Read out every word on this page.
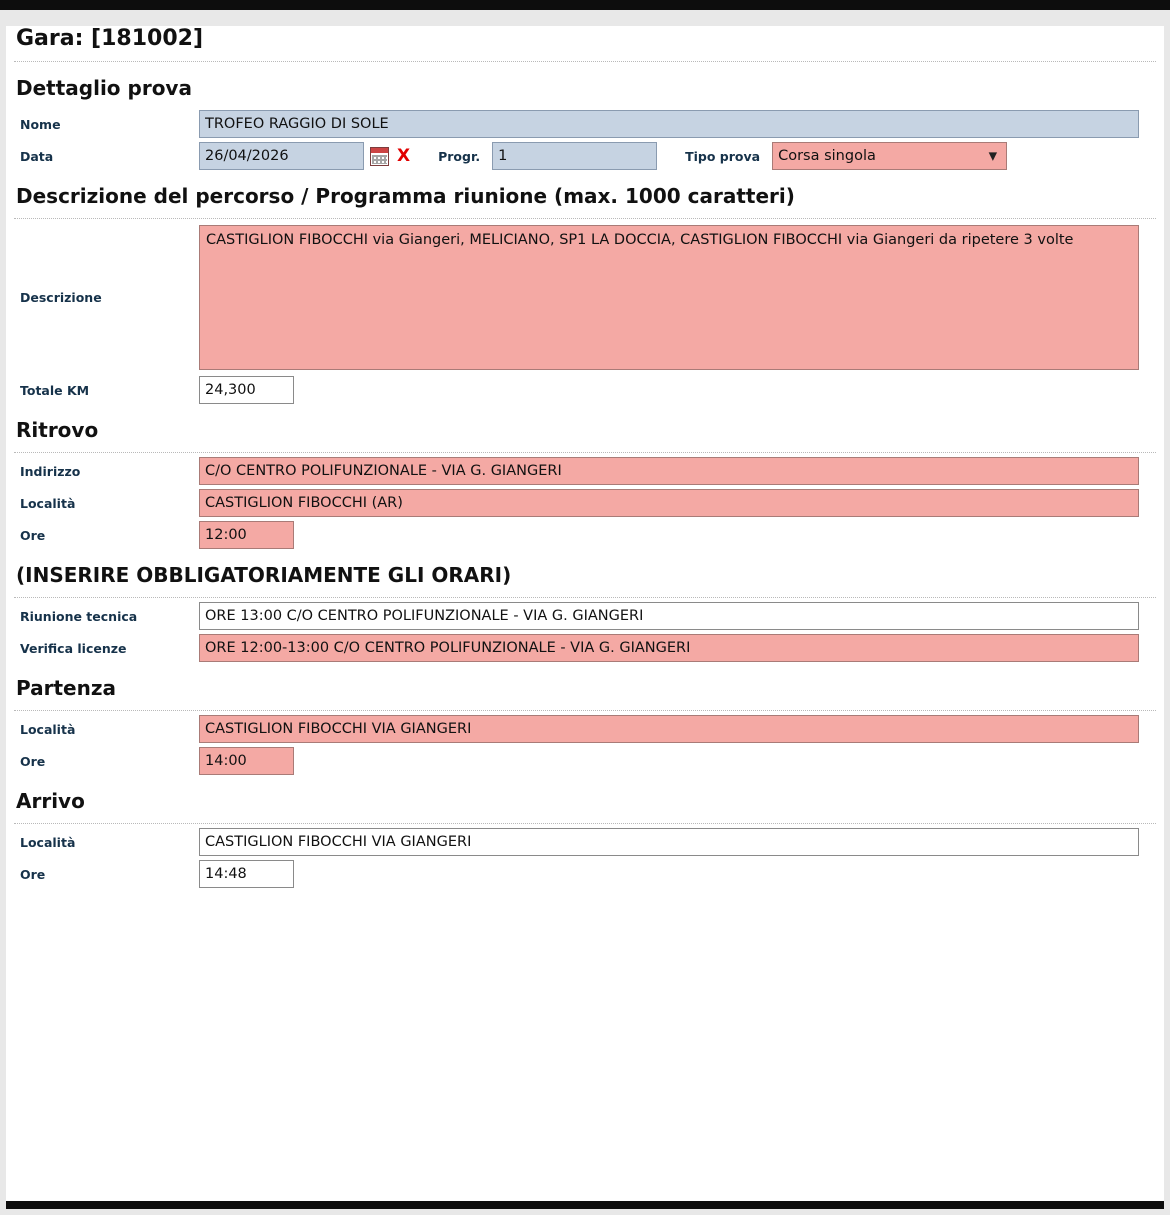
Gara: [181002]
Dettaglio prova
Nome
TROFEO RAGGIO DI SOLE
Data
26/04/2026	X Progr.
1	Tipo prova
Corsa singola	▼
Descrizione del percorso / Programma riunione (max. 1000 caratteri)
Descrizione
CASTIGLION FIBOCCHI via Giangeri, MELICIANO, SP1 LA DOCCIA, CASTIGLION FIBOCCHI via Giangeri da ripetere 3 volte
Totale KM
24,300
Ritrovo
Indirizzo
C/O CENTRO POLIFUNZIONALE - VIA G. GIANGERI
Località
CASTIGLION FIBOCCHI (AR)
Ore
12:00
(INSERIRE OBBLIGATORIAMENTE GLI ORARI)
Riunione tecnica
ORE 13:00 C/O CENTRO POLIFUNZIONALE - VIA G. GIANGERI
Verifica licenze
ORE 12:00-13:00 C/O CENTRO POLIFUNZIONALE - VIA G. GIANGERI
Partenza
Località
CASTIGLION FIBOCCHI VIA GIANGERI
Ore
14:00
Arrivo
Località
CASTIGLION FIBOCCHI VIA GIANGERI
Ore
14:48
